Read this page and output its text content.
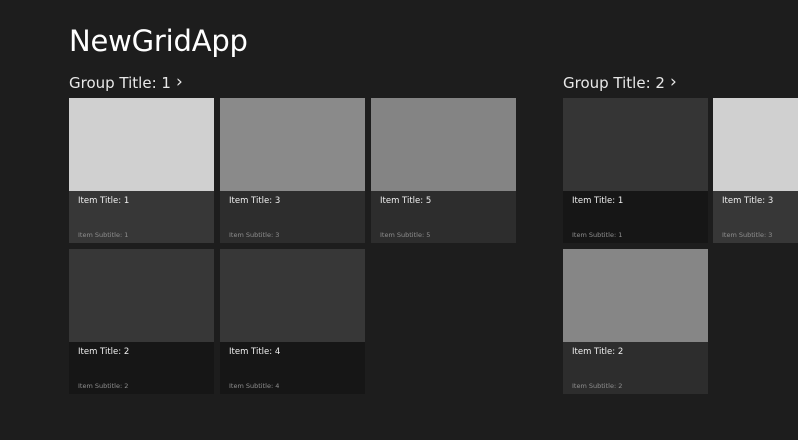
NewGridApp
Group Title: 1 ›
Item Title: 1
Item Subtitle: 1
Item Title: 3
Item Subtitle: 3
Item Title: 5
Item Subtitle: 5
Item Title: 2
Item Subtitle: 2
Item Title: 4
Item Subtitle: 4
Group Title: 2 ›
Item Title: 1
Item Subtitle: 1
Item Title: 3
Item Subtitle: 3
Item Title: 2
Item Subtitle: 2
